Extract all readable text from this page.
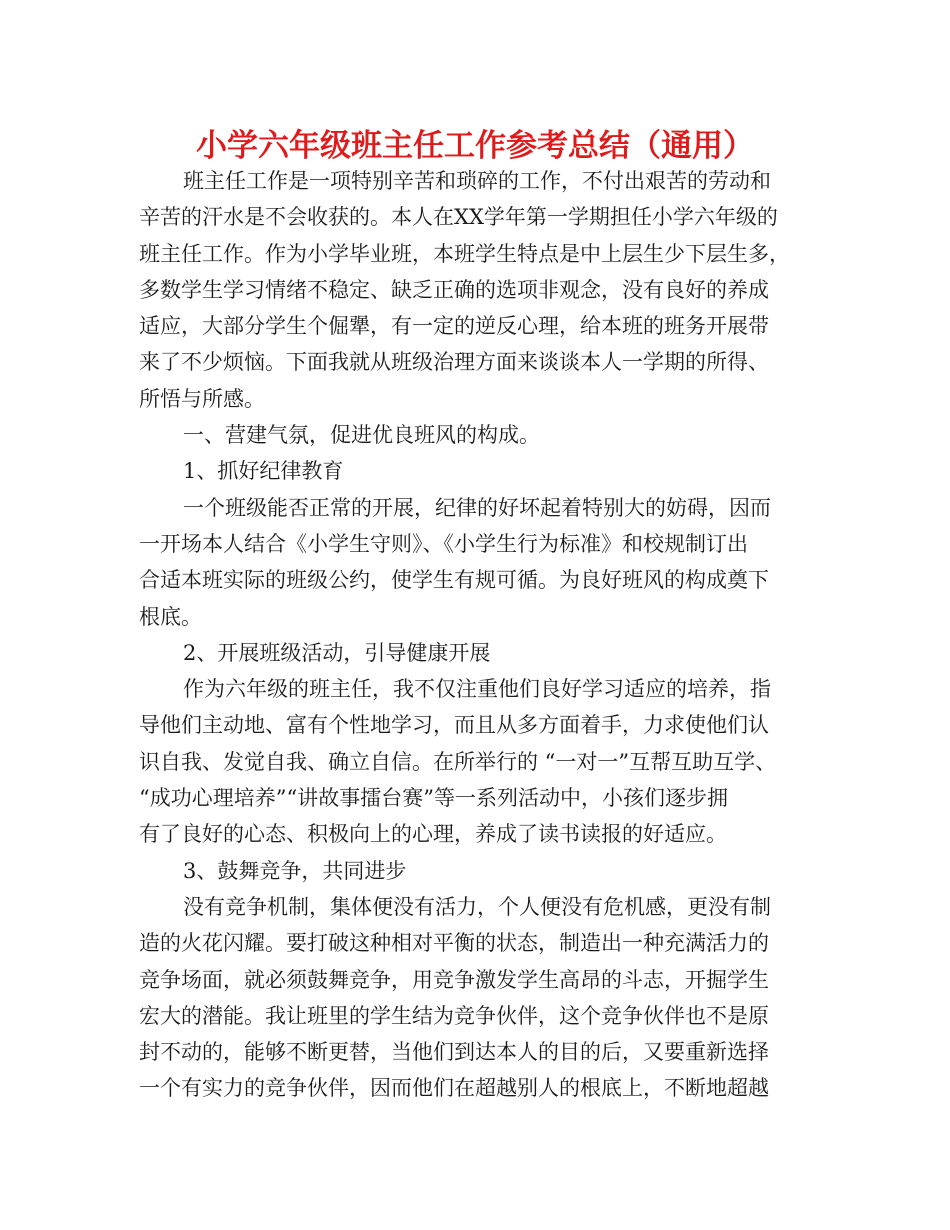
小学六年级班主任工作参考总结（通用）
班主任工作是一项特别辛苦和琐碎的工作，不付出艰苦的劳动和
辛苦的汗水是不会收获的。本人在XX学年第一学期担任小学六年级的
班主任工作。作为小学毕业班，本班学生特点是中上层生少下层生多，
多数学生学习情绪不稳定、缺乏正确的选项非观念，没有良好的养成
适应，大部分学生个倔犟，有一定的逆反心理，给本班的班务开展带
来了不少烦恼。下面我就从班级治理方面来谈谈本人一学期的所得、
所悟与所感。
一、营建气氛，促进优良班风的构成。
1、抓好纪律教育
一个班级能否正常的开展，纪律的好坏起着特别大的妨碍，因而
一开场本人结合《小学生守则》、《小学生行为标准》和校规制订出
合适本班实际的班级公约，使学生有规可循。为良好班风的构成奠下
根底。
2、开展班级活动，引导健康开展
作为六年级的班主任，我不仅注重他们良好学习适应的培养，指
导他们主动地、富有个性地学习，而且从多方面着手，力求使他们认
识自我、发觉自我、确立自信。在所举行的 “一对一”互帮互助互学、
“成功心理培养”“讲故事擂台赛”等一系列活动中，小孩们逐步拥
有了良好的心态、积极向上的心理，养成了读书读报的好适应。
3、鼓舞竞争，共同进步
没有竞争机制，集体便没有活力，个人便没有危机感，更没有制
造的火花闪耀。要打破这种相对平衡的状态，制造出一种充满活力的
竞争场面，就必须鼓舞竞争，用竞争激发学生高昂的斗志，开掘学生
宏大的潜能。我让班里的学生结为竞争伙伴，这个竞争伙伴也不是原
封不动的，能够不断更替，当他们到达本人的目的后，又要重新选择
一个有实力的竞争伙伴，因而他们在超越别人的根底上，不断地超越
